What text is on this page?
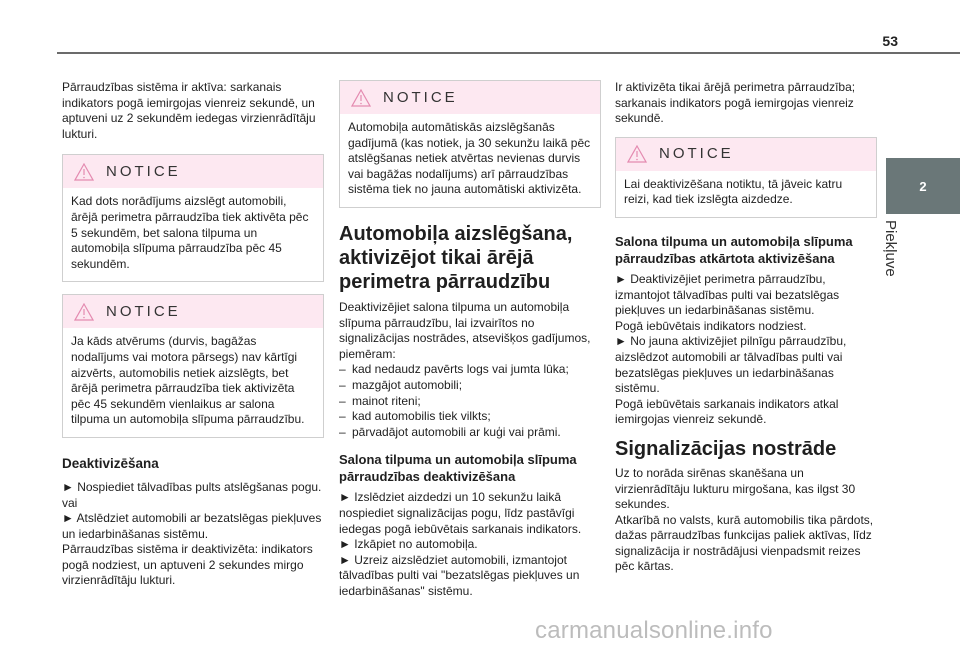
53
2
Piekļuve

Pārraudzības sistēma ir aktīva: sarkanais indikators pogā iemirgojas vienreiz sekundē, un aptuveni uz 2 sekundēm iedegas virzienrādītāju lukturi.

NOTICE
Kad dots norādījums aizslēgt automobili, ārējā perimetra pārraudzība tiek aktivēta pēc 5 sekundēm, bet salona tilpuma un automobiļa slīpuma pārraudzība pēc 45 sekundēm.
NOTICE
Ja kāds atvērums (durvis, bagāžas nodalījums vai motora pārsegs) nav kārtīgi aizvērts, automobilis netiek aizslēgts, bet ārējā perimetra pārraudzība tiek aktivizēta pēc 45 sekundēm vienlaikus ar salona tilpuma un automobiļa slīpuma pārraudzību.

Deaktivizēšana

► Nospiediet tālvadības pults atslēgšanas pogu.

vai

► Atslēdziet automobili ar bezatslēgas piekļuves un iedarbināšanas sistēmu.

Pārraudzības sistēma ir deaktivizēta: indikators pogā nodziest, un aptuveni 2 sekundes mirgo virzienrādītāju lukturi.

NOTICE
Automobiļa automātiskās aizslēgšanās gadījumā (kas notiek, ja 30 sekunžu laikā pēc atslēgšanas netiek atvērtas nevienas durvis vai bagāžas nodalījums) arī pārraudzības sistēma tiek no jauna automātiski aktivizēta.

Automobiļa aizslēgšana, aktivizējot tikai ārējā perimetra pārraudzību

Deaktivizējiet salona tilpuma un automobiļa slīpuma pārraudzību, lai izvairītos no signalizācijas nostrādes, atsevišķos gadījumos, piemēram:

– kad nedaudz pavērts logs vai jumta lūka;
– mazgājot automobili;
– mainot riteni;
– kad automobilis tiek vilkts;
– pārvadājot automobili ar kuģi vai prāmi.

Salona tilpuma un automobiļa slīpuma pārraudzības deaktivizēšana

► Izslēdziet aizdedzi un 10 sekunžu laikā nospiediet signalizācijas pogu, līdz pastāvīgi iedegas pogā iebūvētais sarkanais indikators.

► Izkāpiet no automobiļa.

► Uzreiz aizslēdziet automobili, izmantojot tālvadības pulti vai "bezatslēgas piekļuves un iedarbināšanas" sistēmu.

Ir aktivizēta tikai ārējā perimetra pārraudzība; sarkanais indikators pogā iemirgojas vienreiz sekundē.

NOTICE
Lai deaktivizēšana notiktu, tā jāveic katru reizi, kad tiek izslēgta aizdedze.

Salona tilpuma un automobiļa slīpuma pārraudzības atkārtota aktivizēšana

► Deaktivizējiet perimetra pārraudzību, izmantojot tālvadības pulti vai bezatslēgas piekļuves un iedarbināšanas sistēmu.

Pogā iebūvētais indikators nodziest.

► No jauna aktivizējiet pilnīgu pārraudzību, aizslēdzot automobili ar tālvadības pulti vai bezatslēgas piekļuves un iedarbināšanas sistēmu.

Pogā iebūvētais sarkanais indikators atkal iemirgojas vienreiz sekundē.

Signalizācijas nostrāde

Uz to norāda sirēnas skanēšana un virzienrādītāju lukturu mirgošana, kas ilgst 30 sekundes.

Atkarībā no valsts, kurā automobilis tika pārdots, dažas pārraudzības funkcijas paliek aktīvas, līdz signalizācija ir nostrādājusi vienpadsmit reizes pēc kārtas.

carmanualsonline.info
